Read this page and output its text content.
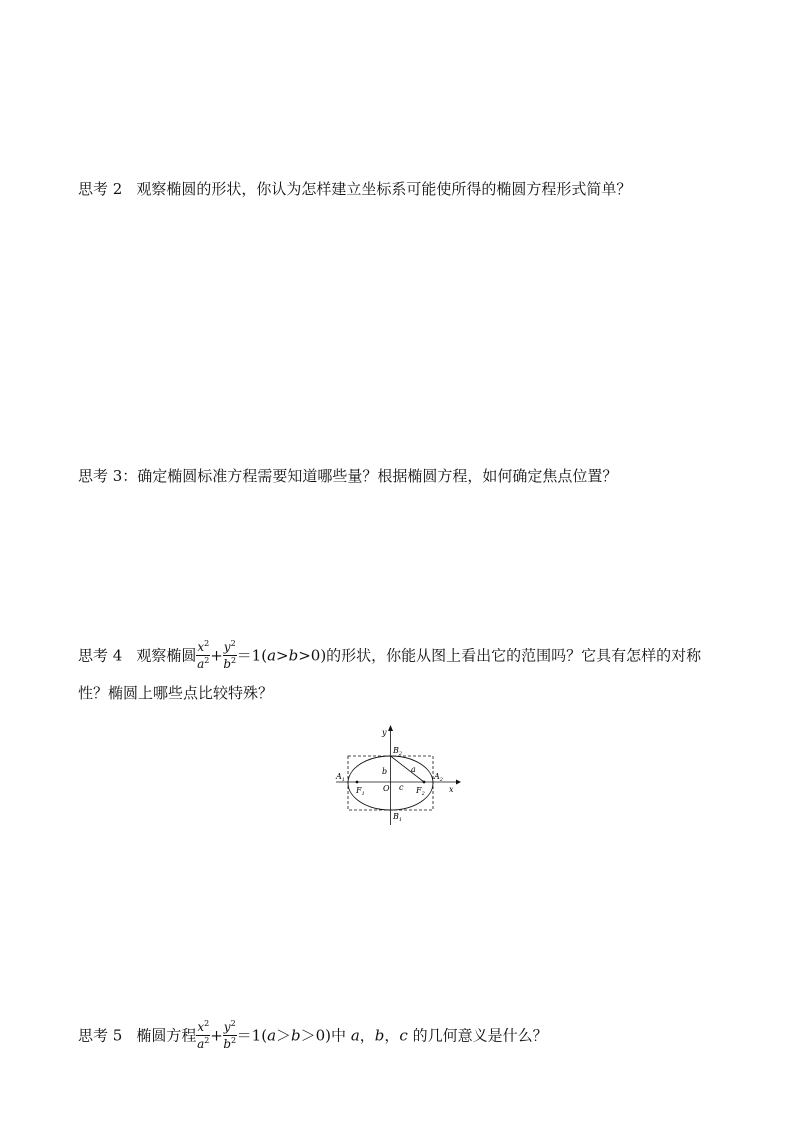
思考 2 观察椭圆的形状，你认为怎样建立坐标系可能使所得的椭圆方程形式简单？
思考 3：确定椭圆标准方程需要知道哪些量？根据椭圆方程，如何确定焦点位置？
思考 4 观察椭圆 $\frac{x^2}{a^2} + \frac{y^2}{b^2} =1(a>b>0)$的形状，你能从图上看出它的范围吗？它具有怎样的对称
性？椭圆上哪些点比较特殊？
y
x
$B_2$
$B_1$
$A_1$	$A_2$
$F_1$	$F_2$
O
b	a
c
思考 5 椭圆方程 $\frac{x^2}{a^2} + \frac{y^2}{b^2} =1(a>b>0)$中 a，b，c 的几何意义是什么？
